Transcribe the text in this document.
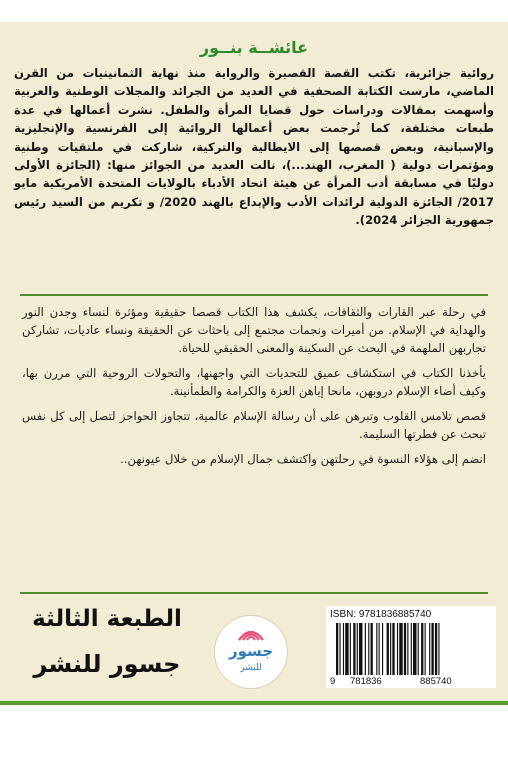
عائشــة بنــور
روائية جزائرية، تكتب القصة القصيرة والرواية منذ نهاية الثمانينيات من القرن الماضي، مارست الكتابة الصحفية في العديد من الجرائد والمجلات الوطنية والعربية وأسهمت بمقالات ودراسات حول قضايا المرأة والطفل. نشرت أعمالها في عدة طبعات مختلفة، كما تُرجمت بعض أعمالها الروائية إلى الفرنسية والإنجليزية والإسبانية، وبعض قصصها إلى الايطالية والتركية، شاركت في ملتقيات وطنية ومؤتمرات دولية ( المغرب، الهند...)، نالت العديد من الجوائز منها: (الجائزة الأولى دوليًا في مسابقة أدب المرأة عن هيئة اتحاد الأدباء بالولايات المتحدة الأمريكية مايو 2017/ الجائزة الدولية لرائدات الأدب والإبداع بالهند 2020/ و تكريم من السيد رئيس جمهورية الجزائر 2024).

في رحلة عبر القارات والثقافات، يكشف هذا الكتاب قصصا حقيقية ومؤثرة لنساء وجدن النور والهداية في الإسلام. من أميرات ونجمات مجتمع إلى باحثات عن الحقيقة ونساء عاديات، تشاركن تجاربهن الملهمة في البحث عن السكينة والمعنى الحقيقي للحياة.

يأخذنا الكتاب في استكشاف عميق للتحديات التي واجهنها، والتحولات الروحية التي مررن بها، وكيف أضاء الإسلام دروبهن، مانحا إياهن العزة والكرامة والطمأنينة.

قصص تلامس القلوب وتبرهن على أن رسالة الإسلام عالمية، تتجاوز الحواجز لتصل إلى كل نفس تبحث عن فطرتها السليمة.

انضم إلى هؤلاء النسوة في رحلتهن واكتشف جمال الإسلام من خلال عيونهن..

الطبعة الثالثة
جسور للنشر	جسور
للنشر
ISBN: 9781836885740
9 781836	885740
